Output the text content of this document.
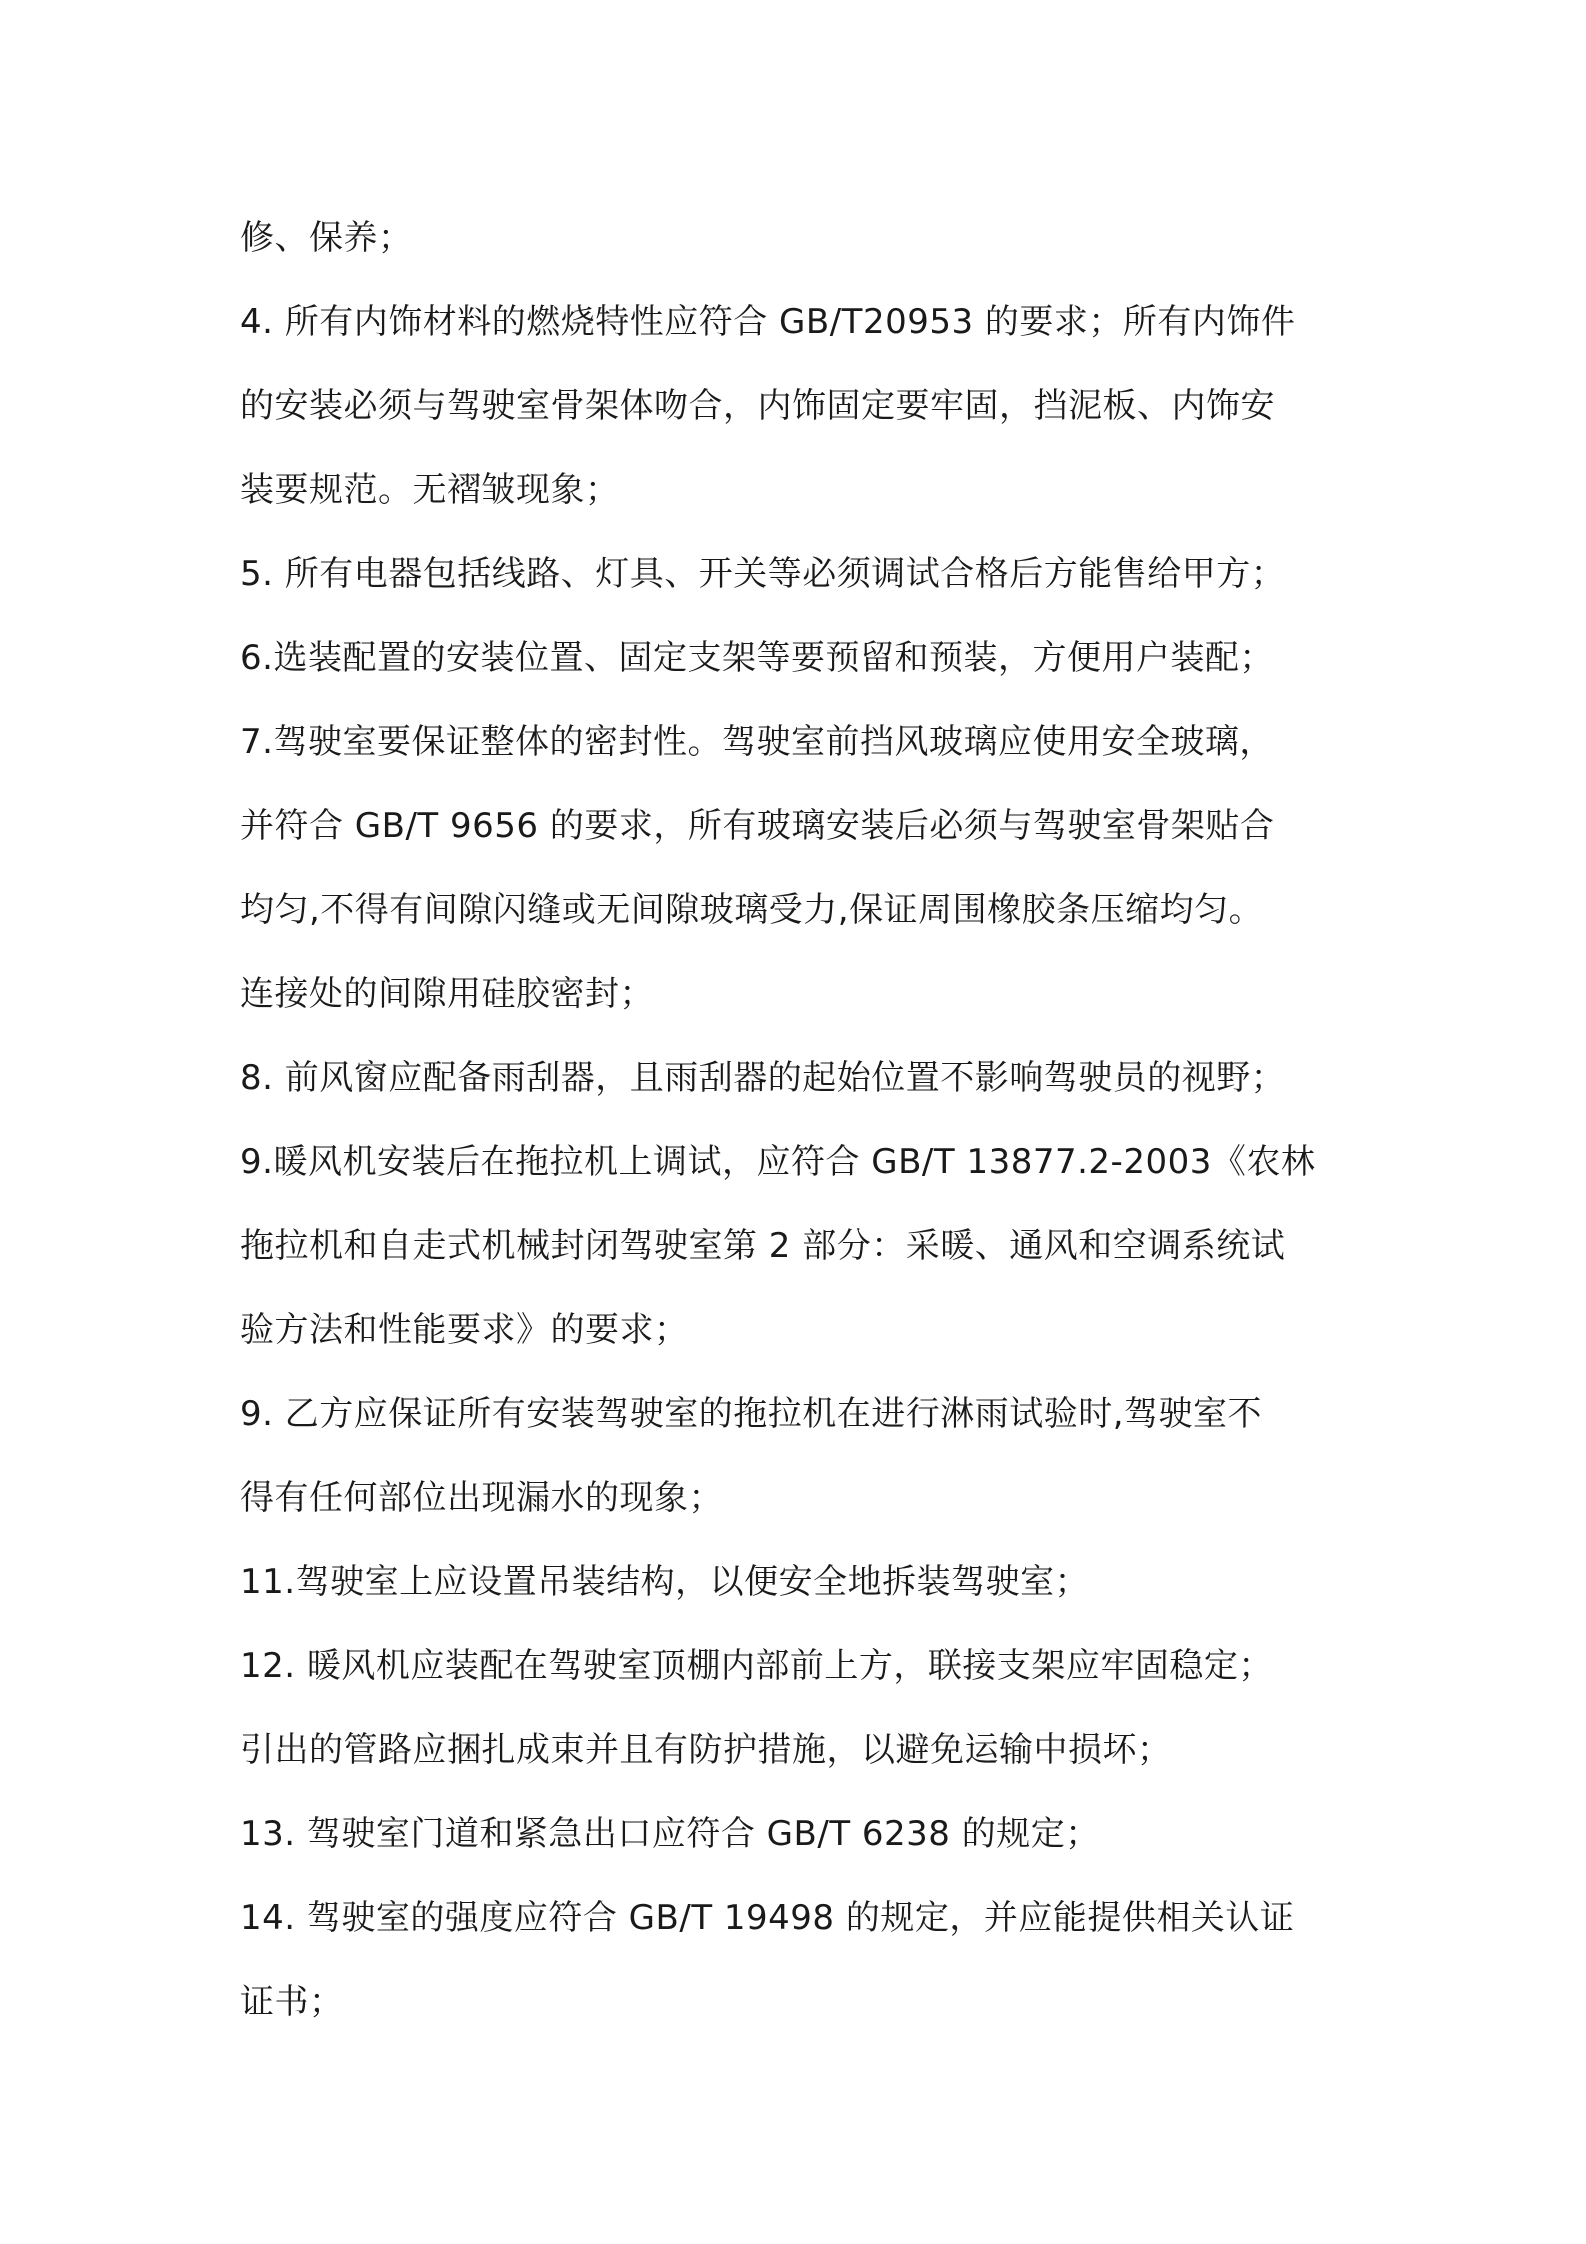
修、保养；
4. 所有内饰材料的燃烧特性应符合 GB/T20953 的要求；所有内饰件
的安装必须与驾驶室骨架体吻合，内饰固定要牢固，挡泥板、内饰安
装要规范。无褶皱现象；
5. 所有电器包括线路、灯具、开关等必须调试合格后方能售给甲方；
6.选装配置的安装位置、固定支架等要预留和预装，方便用户装配；
7.驾驶室要保证整体的密封性。驾驶室前挡风玻璃应使用安全玻璃，
并符合 GB/T 9656 的要求，所有玻璃安装后必须与驾驶室骨架贴合
均匀,不得有间隙闪缝或无间隙玻璃受力,保证周围橡胶条压缩均匀。
连接处的间隙用硅胶密封；
8. 前风窗应配备雨刮器，且雨刮器的起始位置不影响驾驶员的视野；
9.暖风机安装后在拖拉机上调试，应符合 GB/T 13877.2-2003《农林
拖拉机和自走式机械封闭驾驶室第 2 部分：采暖、通风和空调系统试
验方法和性能要求》的要求；
9. 乙方应保证所有安装驾驶室的拖拉机在进行淋雨试验时,驾驶室不
得有任何部位出现漏水的现象；
11.驾驶室上应设置吊装结构，以便安全地拆装驾驶室；
12. 暖风机应装配在驾驶室顶棚内部前上方，联接支架应牢固稳定；
引出的管路应捆扎成束并且有防护措施，以避免运输中损坏；
13. 驾驶室门道和紧急出口应符合 GB/T 6238 的规定；
14. 驾驶室的强度应符合 GB/T 19498 的规定，并应能提供相关认证
证书；
